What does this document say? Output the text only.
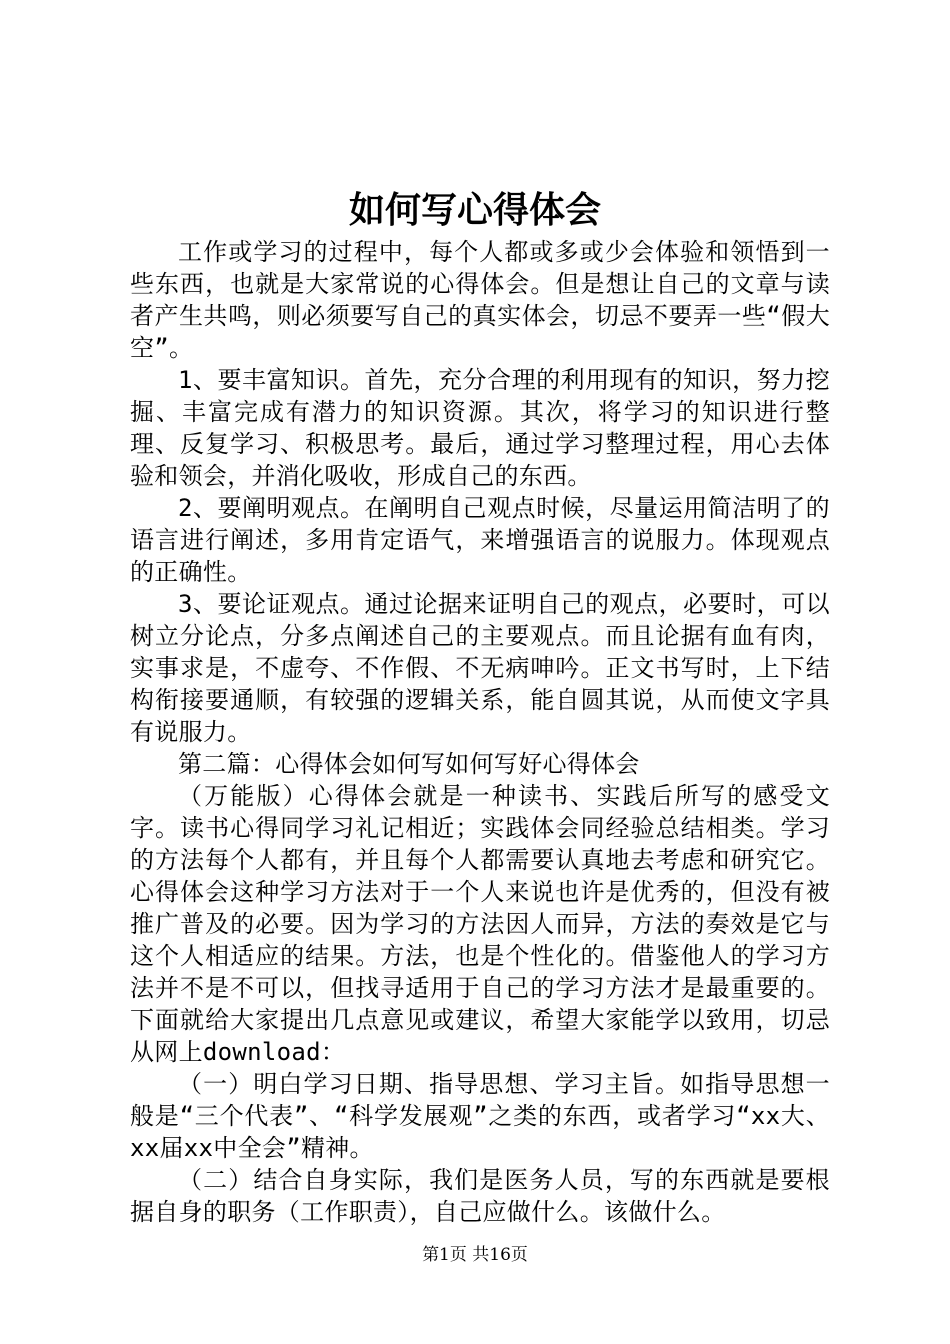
如何写心得体会

工作或学习的过程中，每个人都或多或少会体验和领悟到一些东西，也就是大家常说的心得体会。但是想让自己的文章与读者产生共鸣，则必须要写自己的真实体会，切忌不要弄一些“假大空”。

1、要丰富知识。首先，充分合理的利用现有的知识，努力挖掘、丰富完成有潜力的知识资源。其次，将学习的知识进行整理、反复学习、积极思考。最后，通过学习整理过程，用心去体验和领会，并消化吸收，形成自己的东西。

2、要阐明观点。在阐明自己观点时候，尽量运用简洁明了的语言进行阐述，多用肯定语气，来增强语言的说服力。体现观点的正确性。

3、要论证观点。通过论据来证明自己的观点，必要时，可以树立分论点，分多点阐述自己的主要观点。而且论据有血有肉，实事求是，不虚夸、不作假、不无病呻吟。正文书写时，上下结构衔接要通顺，有较强的逻辑关系，能自圆其说，从而使文字具有说服力。

第二篇：心得体会如何写如何写好心得体会

（万能版）心得体会就是一种读书、实践后所写的感受文字。读书心得同学习礼记相近；实践体会同经验总结相类。学习的方法每个人都有，并且每个人都需要认真地去考虑和研究它。心得体会这种学习方法对于一个人来说也许是优秀的，但没有被推广普及的必要。因为学习的方法因人而异，方法的奏效是它与这个人相适应的结果。方法，也是个性化的。借鉴他人的学习方法并不是不可以，但找寻适用于自己的学习方法才是最重要的。下面就给大家提出几点意见或建议，希望大家能学以致用，切忌从网上download：

（一）明白学习日期、指导思想、学习主旨。如指导思想一般是“三个代表”、“科学发展观”之类的东西，或者学习“xx大、xx届xx中全会”精神。

（二）结合自身实际，我们是医务人员，写的东西就是要根据自身的职务（工作职责），自己应做什么。该做什么。

第1页 共16页
